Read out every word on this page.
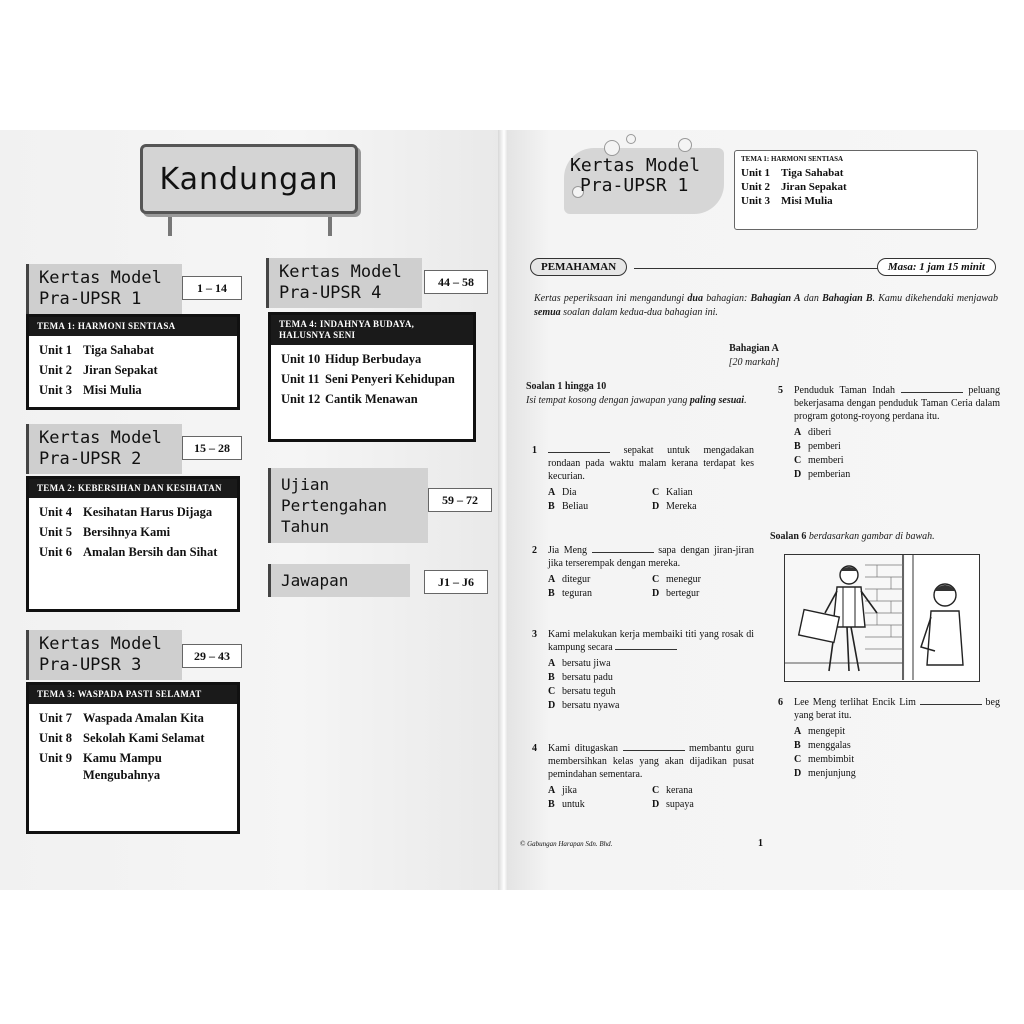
Kandungan
Kertas Model
Pra-UPSR 1
1 – 14
TEMA 1: HARMONI SENTIASA
Unit 1 Tiga Sahabat
Unit 2 Jiran Sepakat
Unit 3 Misi Mulia
Kertas Model
Pra-UPSR 2
15 – 28
TEMA 2: KEBERSIHAN DAN KESIHATAN
Unit 4 Kesihatan Harus Dijaga
Unit 5 Bersihnya Kami
Unit 6 Amalan Bersih dan Sihat
Kertas Model
Pra-UPSR 3	29 – 43
TEMA 3: WASPADA PASTI SELAMAT
Unit 7 Waspada Amalan Kita
Unit 8 Sekolah Kami Selamat
Unit 9 Kamu Mampu Mengubahnya
Kertas Model
Pra-UPSR 4
44 – 58
TEMA 4: INDAHNYA BUDAYA, HALUSNYA SENI
Unit 10 Hidup Berbudaya
Unit 11 Seni Penyeri Kehidupan
Unit 12 Cantik Menawan
Ujian
Pertengahan
Tahun
59 – 72
Jawapan	J1 – J6
Kertas Model
Pra-UPSR 1
TEMA 1: HARMONI SENTIASA
Unit 1 Tiga Sahabat
Unit 2 Jiran Sepakat
Unit 3 Misi Mulia
PEMAHAMAN	Masa: 1 jam 15 minit
Kertas peperiksaan ini mengandungi dua bahagian: Bahagian A dan Bahagian B. Kamu dikehendaki menjawab semua soalan dalam kedua-dua bahagian ini.
Bahagian A
[20 markah]
Soalan 1 hingga 10
Isi tempat kosong dengan jawapan yang paling sesuai.
1	sepakat untuk mengadakan rondaan pada waktu malam kerana terdapat kes kecurian.
A Dia	C Kalian
B Beliau	D Mereka
2 Jia Meng	sapa dengan jiran-jiran jika terserempak dengan mereka.
A ditegur	C menegur
B teguran	D bertegur
3 Kami melakukan kerja membaiki titi yang rosak di kampung secara
A bersatu jiwa
B bersatu padu
C bersatu teguh
D bersatu nyawa
4 Kami ditugaskan	membantu guru membersihkan kelas yang akan dijadikan pusat pemindahan sementara.
A jika	C kerana
B untuk	D supaya
5 Penduduk Taman Indah	peluang bekerjasama dengan penduduk Taman Ceria dalam program gotong-royong perdana itu.
A diberi
B pemberi
C memberi
D pemberian
Soalan 6 berdasarkan gambar di bawah.
6 Lee Meng terlihat Encik Lim	beg yang berat itu.
A mengepit
B menggalas
C membimbit
D menjunjung
© Gabungan Harapan Sdn. Bhd.	1
